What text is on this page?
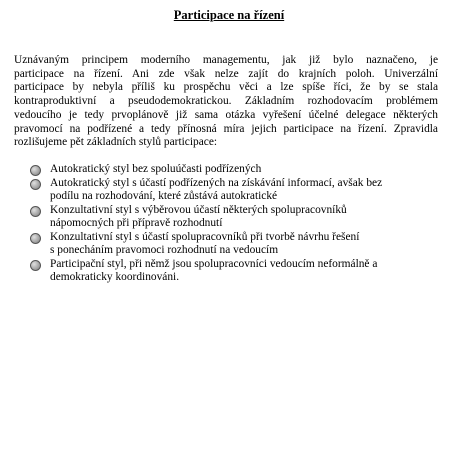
Participace na řízení
Uznávaným principem moderního managementu, jak již bylo naznačeno, je
participace na řízení. Ani zde však nelze zajít do krajních poloh. Univerzální
participace by nebyla příliš ku prospěchu věci a lze spíše říci, že by se stala
kontraproduktivní a pseudodemokratickou. Základním rozhodovacím problémem
vedoucího je tedy prvoplánově již sama otázka vyřešení účelné delegace některých
pravomocí na podřízené a tedy přínosná míra jejich participace na řízení. Zpravidla
rozlišujeme pět základních stylů participace:
Autokratický styl bez spoluúčasti podřízených
Autokratický styl s účastí podřízených na získávání informací, avšak bez
podílu na rozhodování, které zůstává autokratické
Konzultativní styl s výběrovou účastí některých spolupracovníků
nápomocných při přípravě rozhodnutí
Konzultativní styl s účastí spolupracovníků při tvorbě návrhu řešení
s ponecháním pravomoci rozhodnutí na vedoucím
Participační styl, při němž jsou spolupracovníci vedoucím neformálně a
demokraticky koordinováni.
